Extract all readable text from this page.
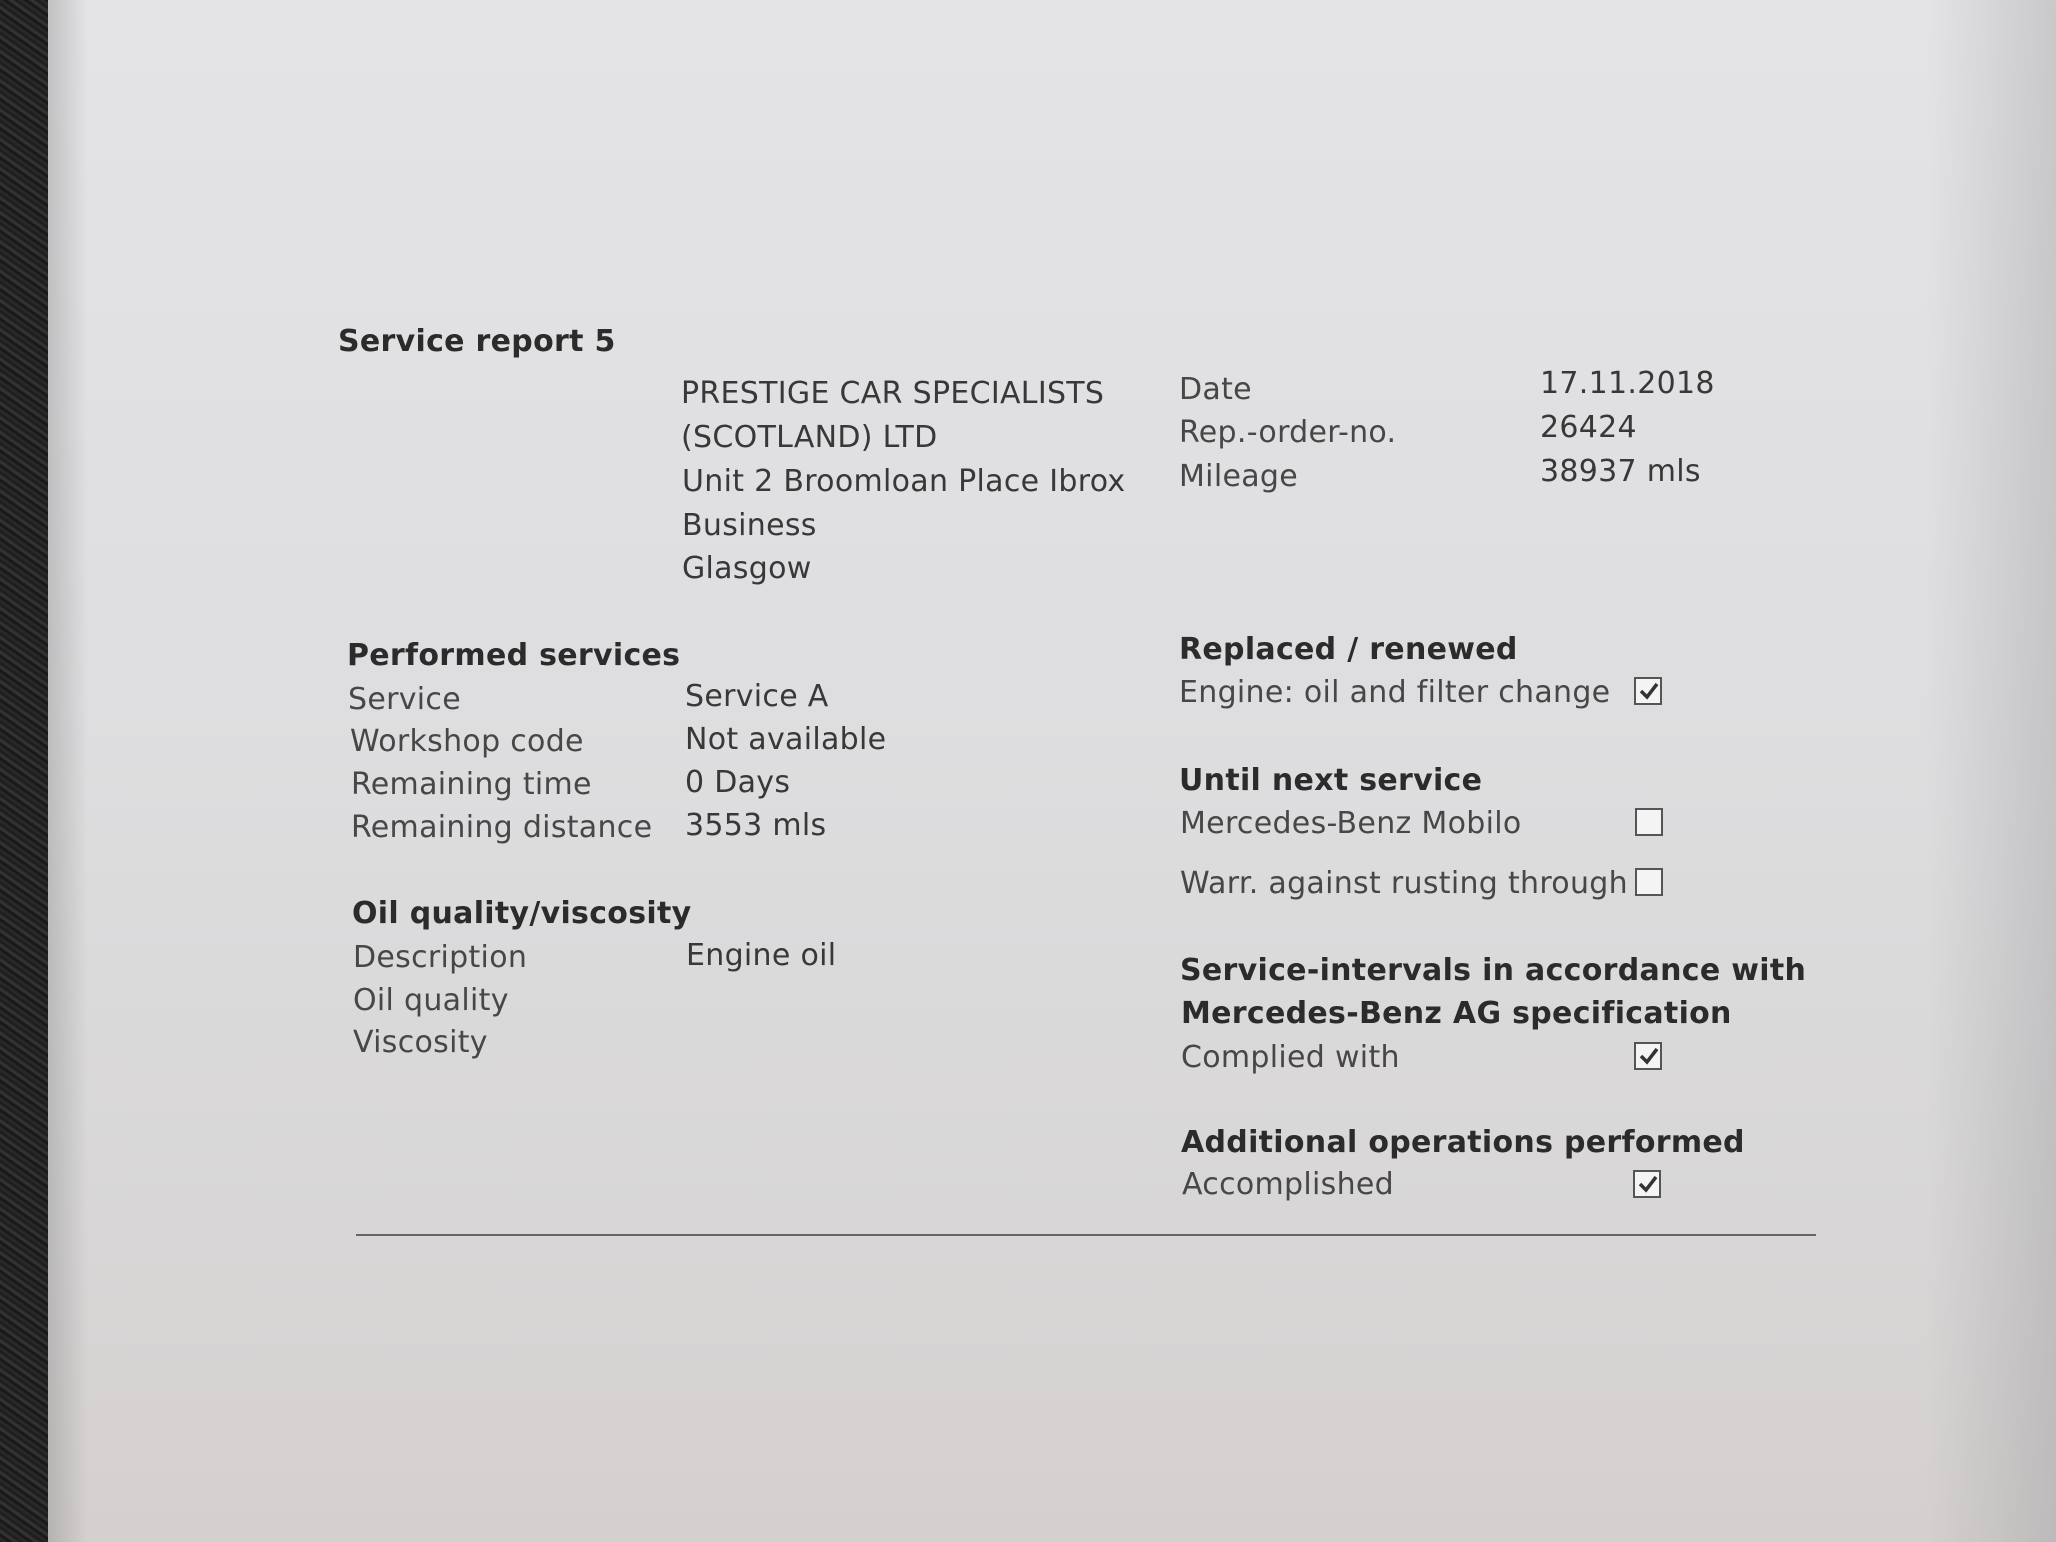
Service report 5
PRESTIGE CAR SPECIALISTS
(SCOTLAND) LTD
Unit 2 Broomloan Place Ibrox
Business
Glasgow
Date	17.11.2018
Rep.-order-no.	26424
Mileage	38937 mls
Performed services
Service	Service A
Workshop code	Not available
Remaining time	0 Days
Remaining distance 3553 mls
Oil quality/viscosity
Description	Engine oil
Oil quality
Viscosity
Replaced / renewed
Engine: oil and filter change
Until next service
Mercedes-Benz Mobilo
Warr. against rusting through
Service-intervals in accordance with
Mercedes-Benz AG specification
Complied with
Additional operations performed
Accomplished
